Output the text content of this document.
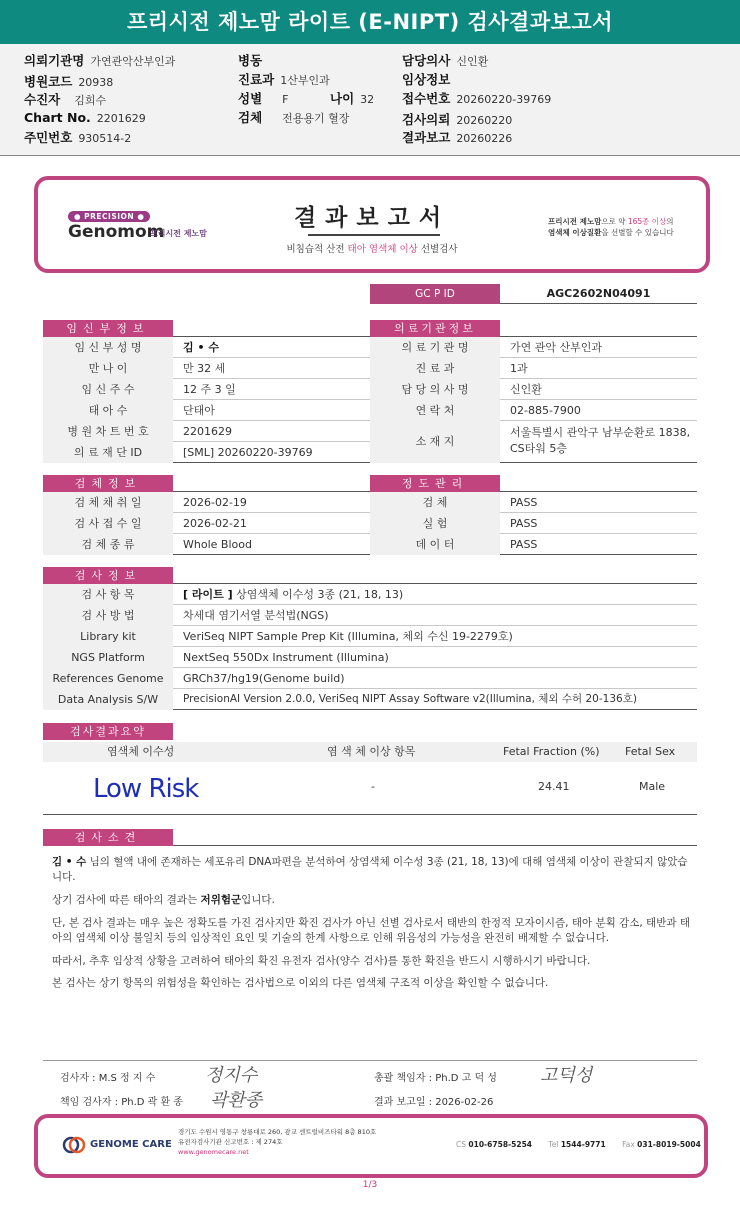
프리시전 제노맘 라이트 (E-NIPT) 검사결과보고서
의뢰기관명 가연관악산부인과
병원코드 20938
수진자 김희수
Chart No. 2201629
주민번호 930514-2
병동
진료과 1산부인과
성별 F	나이 32
검체 전용용기 혈장
담당의사 신인환
임상정보
접수번호 20260220-39769
검사의뢰 20260220
결과보고 20260226
● PRECISION ●
Genomom
프리시전 제노맘
결과보고서
비침습적 산전 태아 염색체 이상 선별검사
프리시전 제노맘으로 약 165종 이상의
염색체 이상질환을 선별할 수 있습니다
GC P ID	AGC2602N04091
임신부정보	의료기관정보
임 신 부 성 명	김 • 수
만 나 이	만 32 세
임 신 주 수	12 주 3 일
태 아 수	단태아
병 원 차 트 번 호	2201629
의 료 재 단 ID	[SML] 20260220-39769
의 료 기 관 명	가연 관악 산부인과
진 료 과	1과
담 당 의 사 명	신인환
연 락 처	02-885-7900
소 재 지
서울특별시 관악구 남부순환로 1838,
CS타워 5층
검체정보	정도관리
검 체 채 취 일	2026-02-19
검 사 접 수 일	2026-02-21
검 체 종 류	Whole Blood
검 체	PASS
실 험	PASS
데 이 터	PASS
검사정보
검 사 항 목	[ 라이트 ] 상염색체 이수성 3종 (21, 18, 13)
검 사 방 법	차세대 염기서열 분석법(NGS)
Library kit	VeriSeq NIPT Sample Prep Kit (Illumina, 체외 수신 19-2279호)
NGS Platform	NextSeq 550Dx Instrument (Illumina)
References Genome	GRCh37/hg19(Genome build)
Data Analysis S/W	PrecisionAI Version 2.0.0, VeriSeq NIPT Assay Software v2(Illumina, 체외 수허 20-136호)
검사결과요약
염색체 이수성	염 색 체 이상 항목	Fetal Fraction (%) Fetal Sex
Low Risk	-	24.41	Male
검사소견
김 • 수 님의 혈액 내에 존재하는 세포유리 DNA파편을 분석하여 상염색체 이수성 3종 (21, 18, 13)에 대해 염색체 이상이 관찰되지 않았습니다.
상기 검사에 따른 태아의 결과는 저위험군입니다.
단, 본 검사 결과는 매우 높은 정확도를 가진 검사지만 확진 검사가 아닌 선별 검사로서 태반의 한정적 모자이시즘, 태아 분획 감소, 태반과 태아의 염색체 이상 불일치 등의 임상적인 요인 및 기술의 한계 사항으로 인해 위음성의 가능성을 완전히 배제할 수 없습니다.
따라서, 추후 임상적 상황을 고려하여 태아의 확진 유전자 검사(양수 검사)를 통한 확진을 반드시 시행하시기 바랍니다.
본 검사는 상기 항목의 위험성을 확인하는 검사법으로 이외의 다른 염색체 구조적 이상을 확인할 수 없습니다.
검사자 : M.S 정 지 수	정지수	총괄 책임자 : Ph.D 고 덕 성 고덕성
책임 검사자 : Ph.D 곽 환 종 곽환종	결과 보고일 : 2026-02-26
GENOME CARE
경기도 수원시 영통구 창룡대로 260, 광교 센트럴비즈타워 8층 810호
유전자검사기관 신고번호 : 제 274호
www.genomecare.net
CS 010-6758-5254 Tel 1544-9771 Fax 031-8019-5004
1/3
